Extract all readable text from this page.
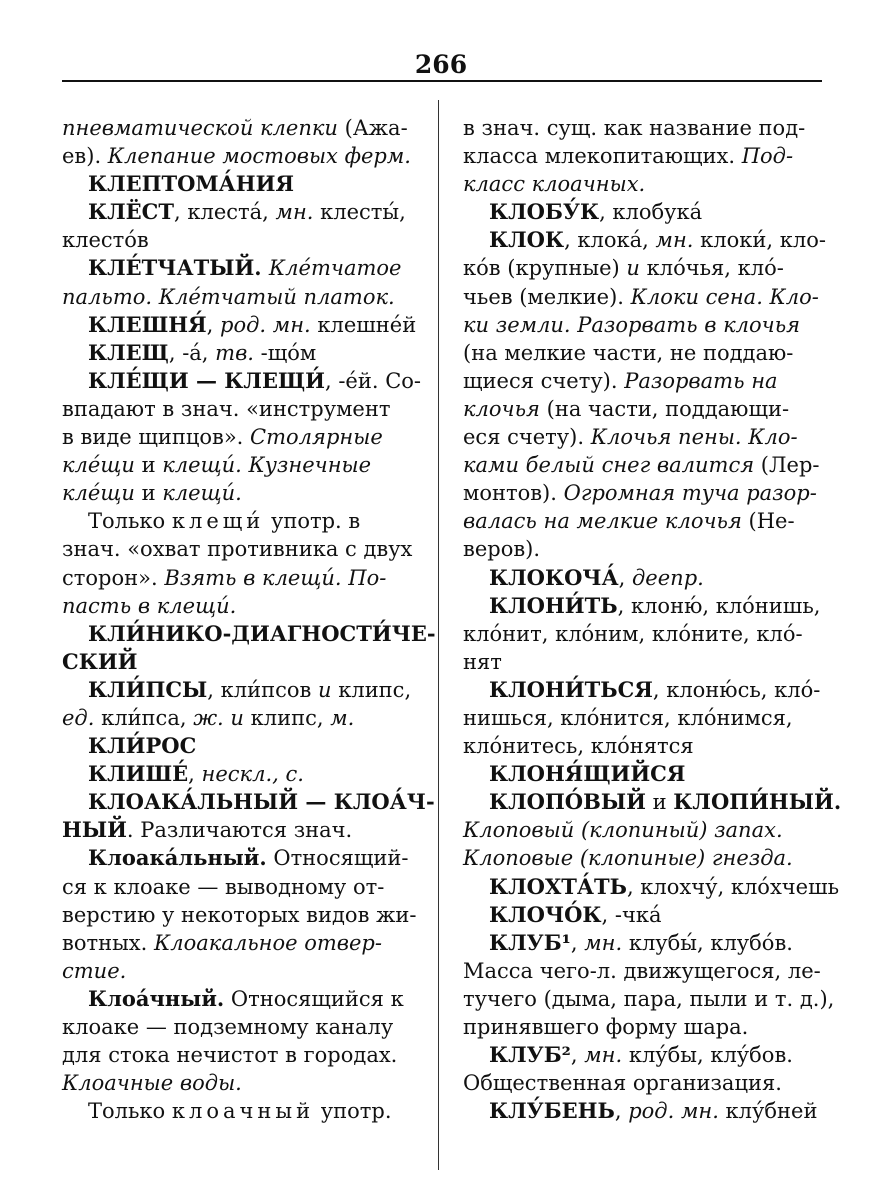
266
пневматической клепки (Ажа-
ев). Клепание мостовых ферм.
КЛЕПТОМА́НИЯ
КЛЁСТ, клеста́, мн. клесты́,
клесто́в
КЛЕ́ТЧАТЫЙ. Кле́тчатое
пальто. Кле́тчатый платок.
КЛЕШНЯ́, род. мн. клешне́й
КЛЕЩ, -а́, тв. -що́м
КЛЕ́ЩИ — КЛЕЩИ́, -е́й. Со-
впадают в знач. «инструмент
в виде щипцов». Столярные
кле́щи и клещи́. Кузнечные
кле́щи и клещи́.
Только клещи́ употр. в
знач. «охват противника с двух
сторон». Взять в клещи́. По-
пасть в клещи́.
КЛИ́НИКО-ДИАГНОСТИ́ЧЕ-
СКИЙ
КЛИ́ПСЫ, кли́псов и клипс,
ед. кли́пса, ж. и клипс, м.
КЛИ́РОС
КЛИШЕ́, нескл., с.
КЛОАКА́ЛЬНЫЙ — КЛОА́Ч-
НЫЙ. Различаются знач.
Клоака́льный. Относящий-
ся к клоаке — выводному от-
верстию у некоторых видов жи-
вотных. Клоакальное отвер-
стие.
Клоа́чный. Относящийся к
клоаке — подземному каналу
для стока нечистот в городах.
Клоачные воды.
Только клоачный употр.
в знач. сущ. как название под-
класса млекопитающих. Под-
класс клоачных.
КЛОБУ́К, клобука́
КЛОК, клока́, мн. клоки́, кло-
ко́в (крупные) и кло́чья, кло́-
чьев (мелкие). Клоки сена. Кло-
ки земли. Разорвать в клочья
(на мелкие части, не поддаю-
щиеся счету). Разорвать на
клочья (на части, поддающи-
еся счету). Клочья пены. Кло-
ками белый снег валится (Лер-
монтов). Огромная туча разор-
валась на мелкие клочья (Не-
веров).
КЛОКОЧА́, деепр.
КЛОНИ́ТЬ, клоню́, кло́нишь,
кло́нит, кло́ним, кло́ните, кло́-
нят
КЛОНИ́ТЬСЯ, клоню́сь, кло́-
нишься, кло́нится, кло́нимся,
кло́нитесь, кло́нятся
КЛОНЯ́ЩИЙСЯ
КЛОПО́ВЫЙ и КЛОПИ́НЫЙ.
Клоповый (клопиный) запах.
Клоповые (клопиные) гнезда.
КЛОХТА́ТЬ, клохчу́, кло́хчешь
КЛОЧО́К, -чка́
КЛУБ¹, мн. клубы́, клубо́в.
Масса чего-л. движущегося, ле-
тучего (дыма, пара, пыли и т. д.),
принявшего форму шара.
КЛУБ², мн. клу́бы, клу́бов.
Общественная организация.
КЛУ́БЕНЬ, род. мн. клу́бней
